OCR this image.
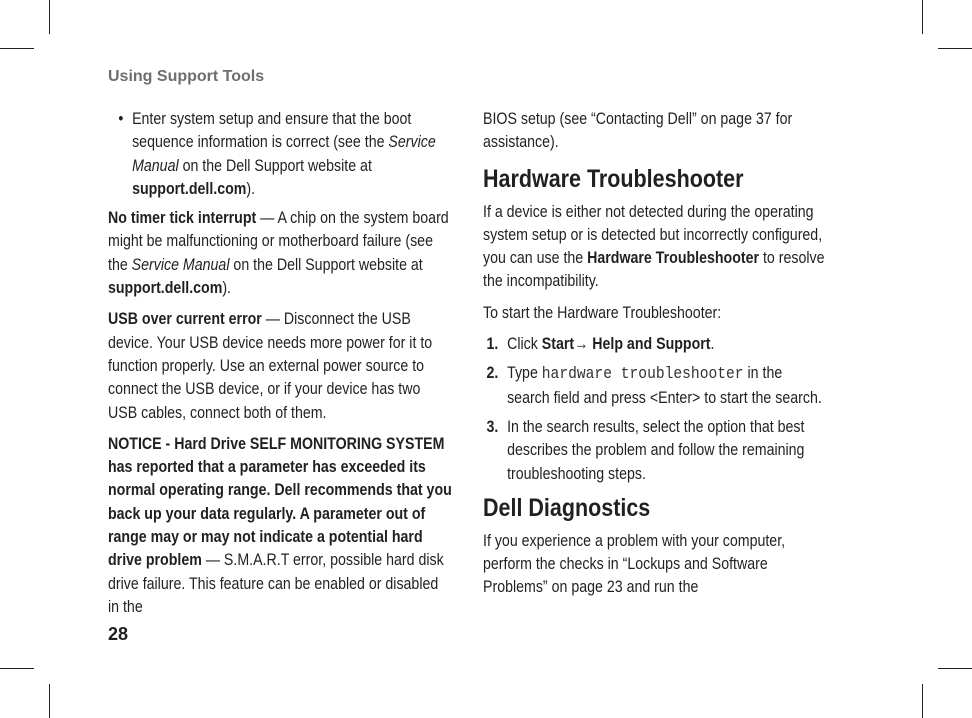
Using Support Tools

• Enter system setup and ensure that the boot sequence information is correct (see the Service Manual on the Dell Support website at support.dell.com).

No timer tick interrupt — A chip on the system board might be malfunctioning or motherboard failure (see the Service Manual on the Dell Support website at support.dell.com).

USB over current error — Disconnect the USB device. Your USB device needs more power for it to function properly. Use an external power source to connect the USB device, or if your device has two USB cables, connect both of them.

NOTICE - Hard Drive SELF MONITORING SYSTEM has reported that a parameter has exceeded its normal operating range. Dell recommends that you back up your data regularly. A parameter out of range may or may not indicate a potential hard drive problem — S.M.A.R.T error, possible hard disk drive failure. This feature can be enabled or disabled in the

BIOS setup (see “Contacting Dell” on page 37 for assistance).

Hardware Troubleshooter

If a device is either not detected during the operating system setup or is detected but incorrectly configured, you can use the Hardware Troubleshooter to resolve the incompatibility.

To start the Hardware Troubleshooter:

1. Click Start→ Help and Support.
2. Type hardware troubleshooter in the search field and press <Enter> to start the search.
3. In the search results, select the option that best describes the problem and follow the remaining troubleshooting steps.
Dell Diagnostics

If you experience a problem with your computer, perform the checks in “Lockups and Software Problems” on page 23 and run the

28
